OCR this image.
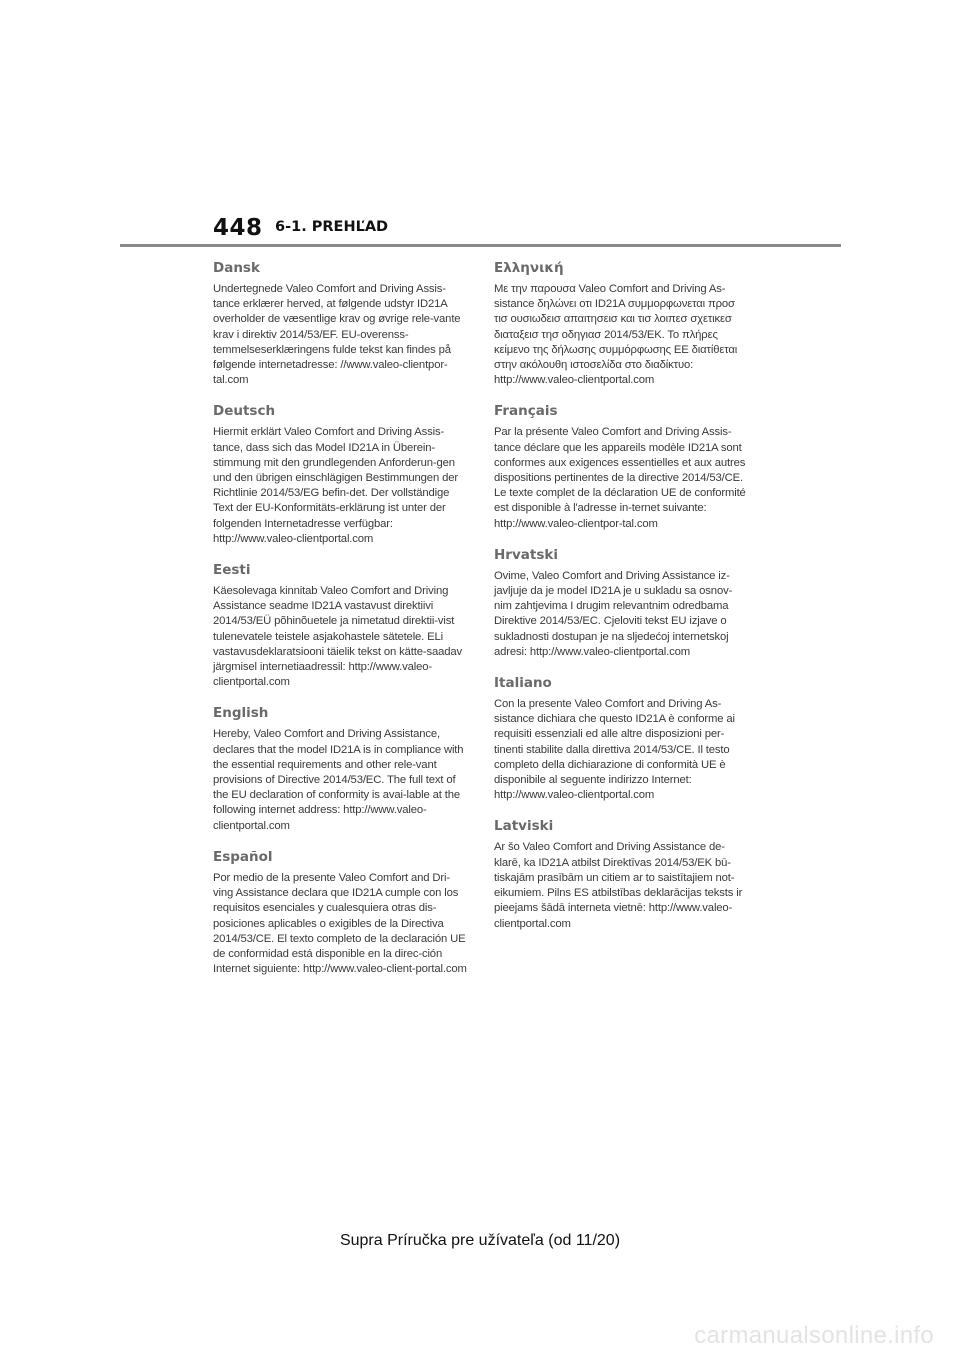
448 6-1. PREHĽAD
Dansk

Undertegnede Valeo Comfort and Driving Assis-tance erklærer herved, at følgende udstyr ID21A overholder de væsentlige krav og øvrige rele-vante krav i direktiv 2014/53/EF. EU-overenss-temmelseserklæringens fulde tekst kan findes på følgende internetadresse: //www.valeo-clientpor-tal.com

Deutsch

Hiermit erklärt Valeo Comfort and Driving Assis-tance, dass sich das Model ID21A in Überein-stimmung mit den grundlegenden Anforderun-gen und den übrigen einschlägigen Bestimmungen der Richtlinie 2014/53/EG befin-det. Der vollständige Text der EU-Konformitäts-erklärung ist unter der folgenden Internetadresse verfügbar: http://www.valeo-clientportal.com

Eesti

Käesolevaga kinnitab Valeo Comfort and Driving Assistance seadme ID21A vastavust direktiivi 2014/53/EÜ põhinõuetele ja nimetatud direktii-vist tulenevatele teistele asjakohastele sätetele. ELi vastavusdeklaratsiooni täielik tekst on kätte-saadav järgmisel internetiaadressil: http://www.valeo-clientportal.com

English

Hereby, Valeo Comfort and Driving Assistance, declares that the model ID21A is in compliance with the essential requirements and other rele-vant provisions of Directive 2014/53/EC. The full text of the EU declaration of conformity is avai-lable at the following internet address: http://www.valeo-clientportal.com

Español

Por medio de la presente Valeo Comfort and Dri-ving Assistance declara que ID21A cumple con los requisitos esenciales y cualesquiera otras dis-posiciones aplicables o exigibles de la Directiva 2014/53/CE. El texto completo de la declaración UE de conformidad está disponible en la direc-ción Internet siguiente: http://www.valeo-client-portal.com

Ελληνική

Με την παρουσα Valeo Comfort and Driving As-sistance δηλώνει οτι ID21A συμμορφωνεται προσ τισ ουσιωδεισ απαιτησεισ και τισ λοιπεσ σχετικεσ διαταξεισ τησ οδηγιασ 2014/53/ΕΚ. Το πλήρες κείμενο της δήλωσης συμμόρφωσης ΕΕ διατίθεται στην ακόλουθη ιστοσελίδα στο διαδίκτυο: http://www.valeo-clientportal.com

Français

Par la présente Valeo Comfort and Driving Assis-tance déclare que les appareils modèle ID21A sont conformes aux exigences essentielles et aux autres dispositions pertinentes de la directive 2014/53/CE. Le texte complet de la déclaration UE de conformité est disponible à l'adresse in-ternet suivante: http://www.valeo-clientpor-tal.com

Hrvatski

Ovime, Valeo Comfort and Driving Assistance iz-javljuje da je model ID21A je u sukladu sa osnov-nim zahtjevima I drugim relevantnim odredbama Direktive 2014/53/EC. Cjeloviti tekst EU izjave o sukladnosti dostupan je na sljedećoj internetskoj adresi: http://www.valeo-clientportal.com

Italiano

Con la presente Valeo Comfort and Driving As-sistance dichiara che questo ID21A è conforme ai requisiti essenziali ed alle altre disposizioni per-tinenti stabilite dalla direttiva 2014/53/CE. Il testo completo della dichiarazione di conformità UE è disponibile al seguente indirizzo Internet: http://www.valeo-clientportal.com

Latviski

Ar šo Valeo Comfort and Driving Assistance de-klarē, ka ID21A atbilst Direktīvas 2014/53/EK bū-tiskajām prasībām un citiem ar to saistītajiem not-eikumiem. Pilns ES atbilstības deklarācijas teksts ir pieejams šādā interneta vietnē: http://www.valeo-clientportal.com

Supra Príručka pre užívateľa (od 11/20)
carmanualsonline.info
